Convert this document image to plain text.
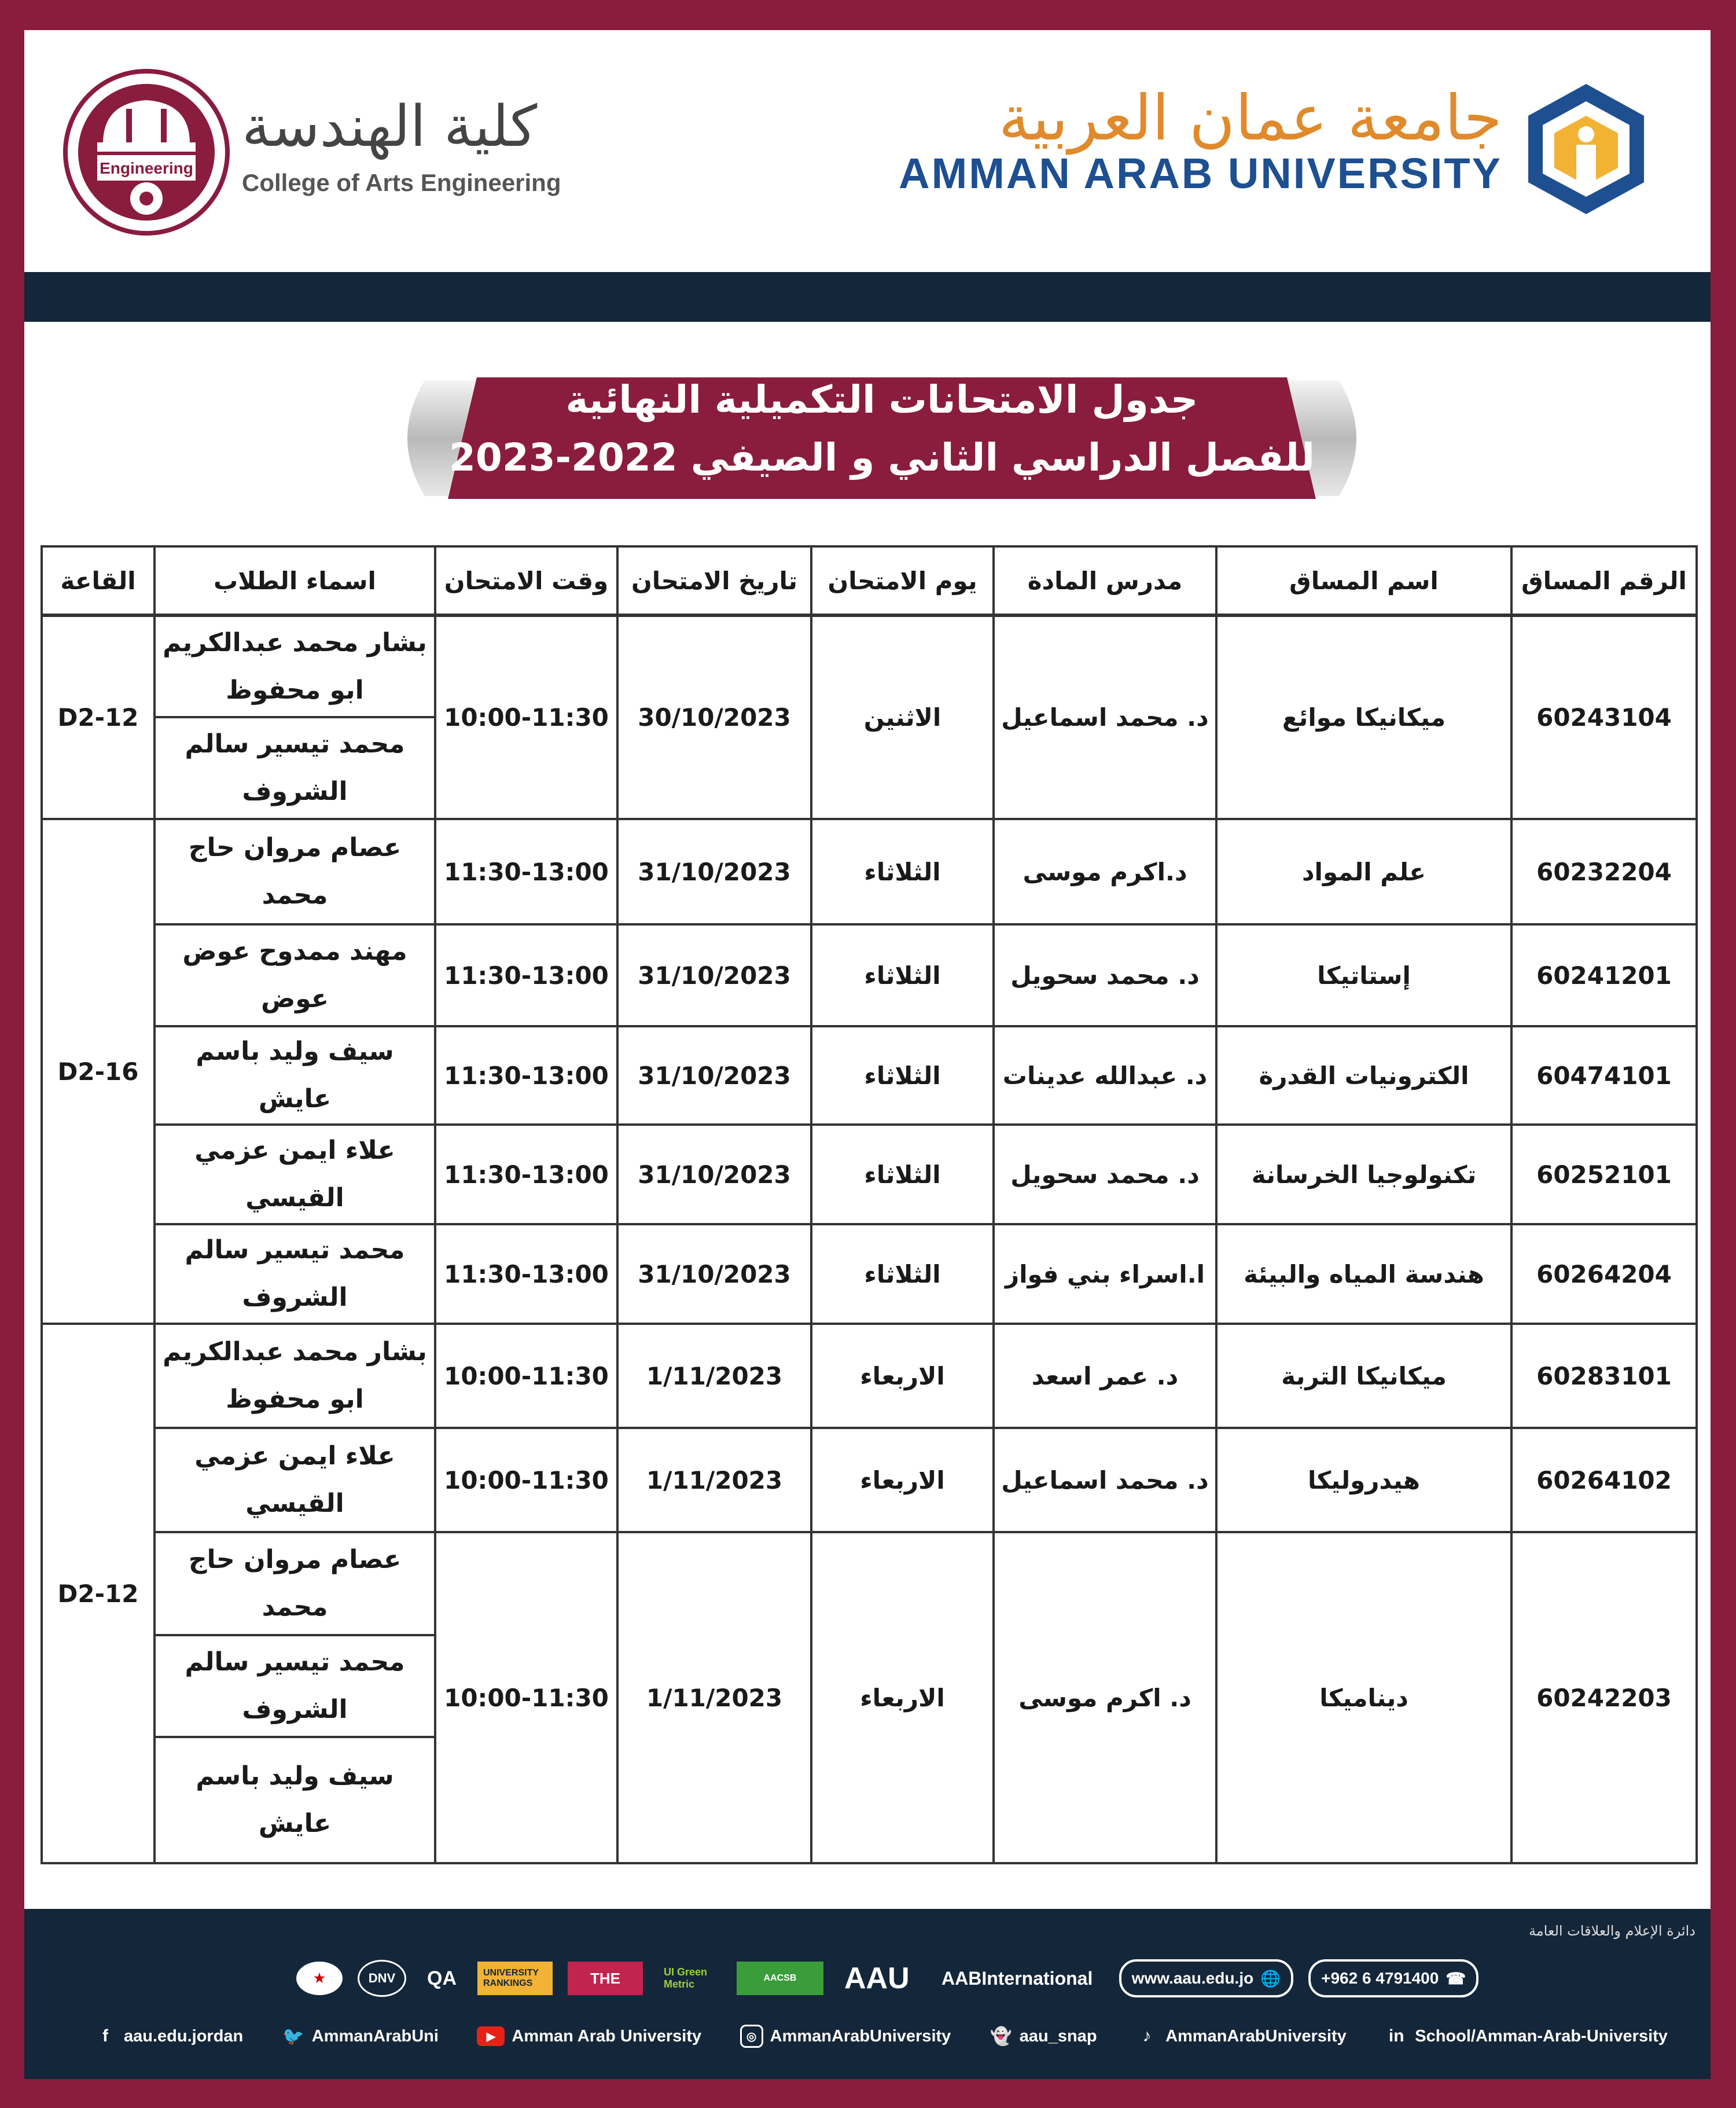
جامعة عمان العربية
AMMAN ARAB UNIVERSITY
Engineering
كلية الهندسة
College of Arts Engineering
جدول الامتحانات التكميلية النهائية
للفصل الدراسي الثاني و الصيفي 2022-2023
الرقم المساق	اسم المساق	مدرس المادة	يوم الامتحان	تاريخ الامتحان	وقت الامتحان	اسماء الطلاب	القاعة
60243104	ميكانيكا موائع	د. محمد اسماعيل	الاثنين	30/10/2023	10:00-11:30	بشار محمد عبدالكريم ابو محفوظ	D2-12
						محمد تيسير سالم الشروف	
60232204	علم المواد	د.اكرم موسى	الثلاثاء	31/10/2023	11:30-13:00	عصام مروان حاج محمد	D2-16
60241201	إستاتيكا	د. محمد سحويل	الثلاثاء	31/10/2023	11:30-13:00	مهند ممدوح عوض عوض	
60474101	الكترونيات القدرة	د. عبدالله عدينات	الثلاثاء	31/10/2023	11:30-13:00	سيف وليد باسم عايش	
60252101	تكنولوجيا الخرسانة	د. محمد سحويل	الثلاثاء	31/10/2023	11:30-13:00	علاء ايمن عزمي القيسي	
60264204	هندسة المياه والبيئة	ا.اسراء بني فواز	الثلاثاء	31/10/2023	11:30-13:00	محمد تيسير سالم الشروف	
60283101	ميكانيكا التربة	د. عمر اسعد	الاربعاء	1/11/2023	10:00-11:30	بشار محمد عبدالكريم ابو محفوظ	D2-12
60264102	هيدروليكا	د. محمد اسماعيل	الاربعاء	1/11/2023	10:00-11:30	علاء ايمن عزمي القيسي	
60242203	ديناميكا	د. اكرم موسى	الاربعاء	1/11/2023	10:00-11:30	عصام مروان حاج محمد	
						محمد تيسير سالم الشروف	
						سيف وليد باسم عايش	
دائرة الإعلام والعلاقات العامة
★	DNV	QA	UNIVERSITY RANKINGS	THE	UI Green Metric
AACSB	AAU	AABInternational	www.aau.edu.jo 🌐	+962 6 4791400 ☎
f aau.edu.jordan 🐦 AmmanArabUni	▶ Amman Arab University	◎ AmmanArabUniversity 👻 aau_snap	♪ AmmanArabUniversity in School/Amman-Arab-University
